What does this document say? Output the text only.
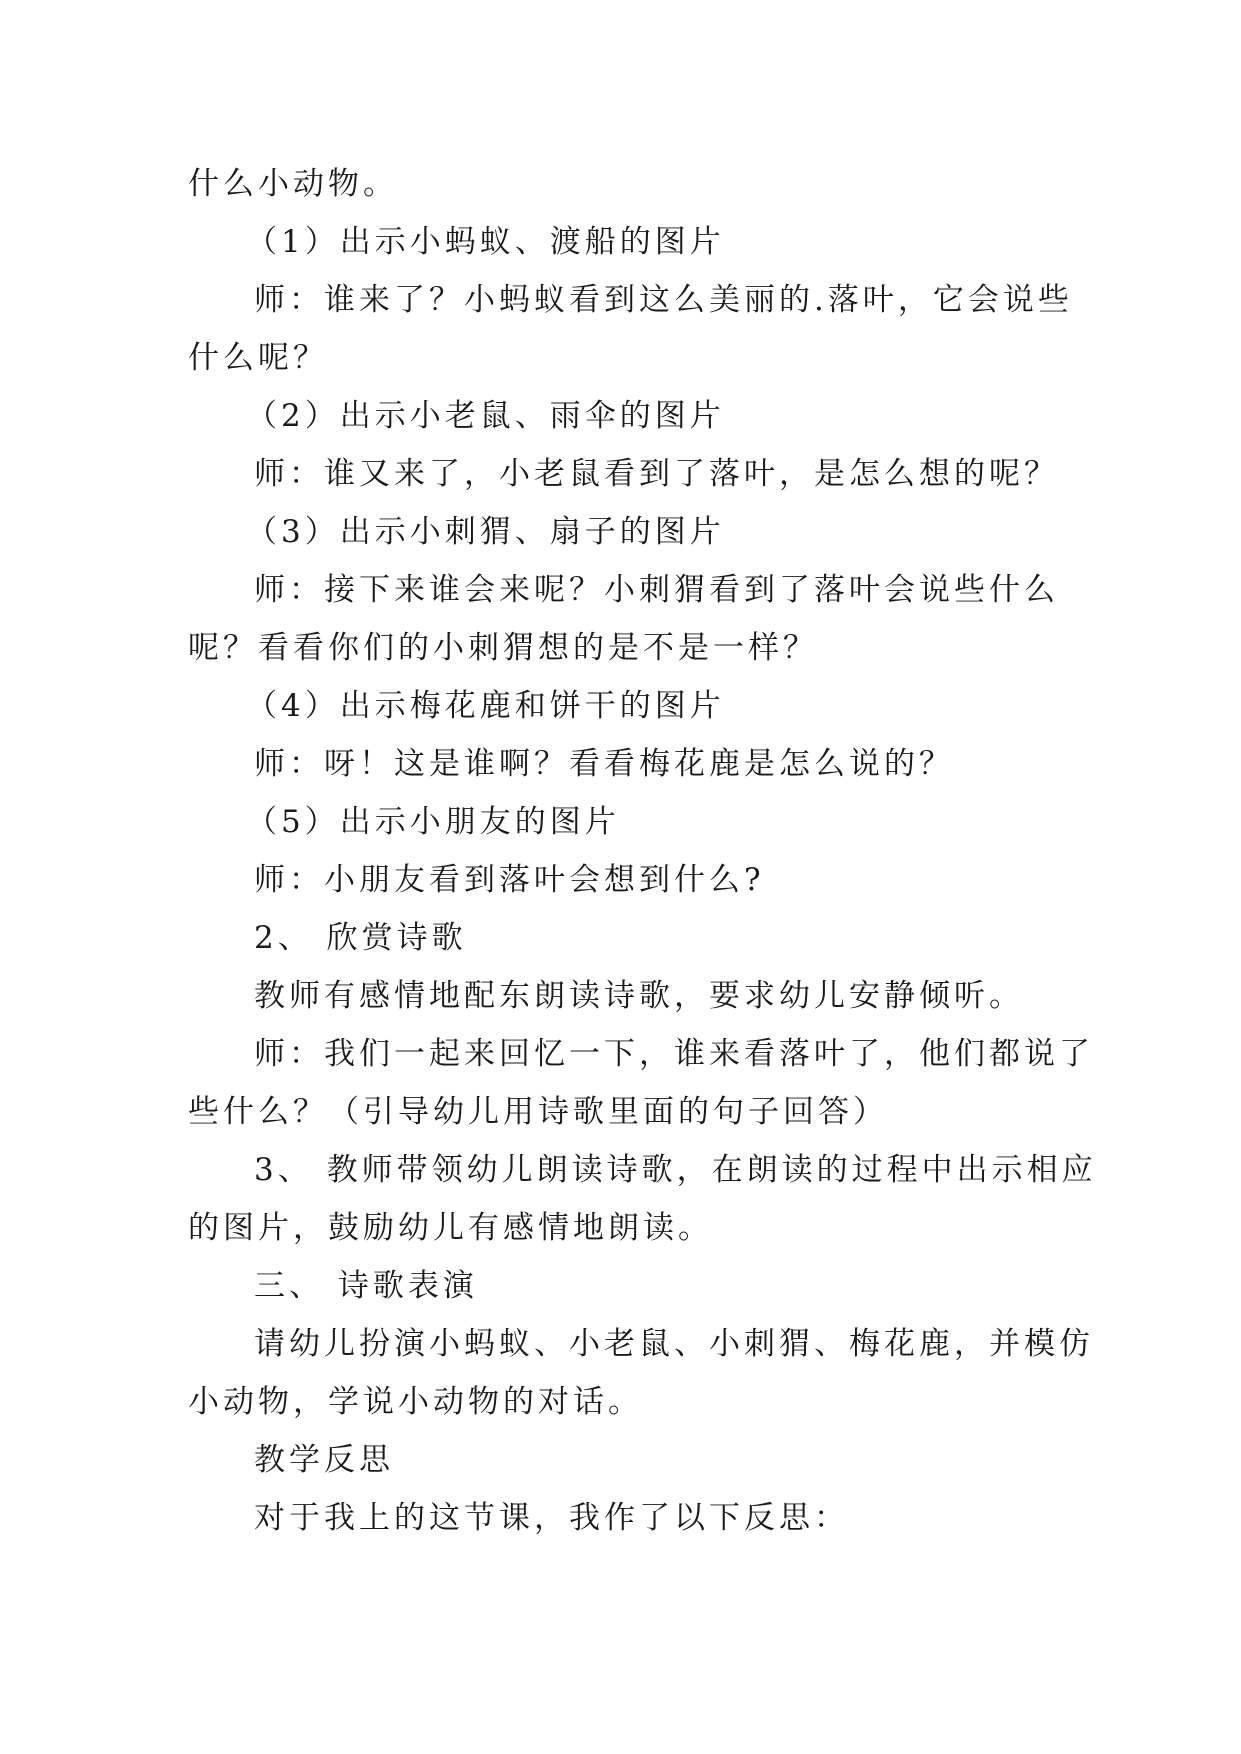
什么小动物。
（1）出示小蚂蚁、渡船的图片
师：谁来了？小蚂蚁看到这么美丽的.落叶，它会说些
什么呢？
（2）出示小老鼠、雨伞的图片
师：谁又来了，小老鼠看到了落叶，是怎么想的呢？
（3）出示小刺猬、扇子的图片
师：接下来谁会来呢？小刺猬看到了落叶会说些什么
呢？看看你们的小刺猬想的是不是一样？
（4）出示梅花鹿和饼干的图片
师：呀！这是谁啊？看看梅花鹿是怎么说的？
（5）出示小朋友的图片
师：小朋友看到落叶会想到什么?
2、 欣赏诗歌
教师有感情地配东朗读诗歌，要求幼儿安静倾听。
师：我们一起来回忆一下，谁来看落叶了，他们都说了
些什么？（引导幼儿用诗歌里面的句子回答）
3、 教师带领幼儿朗读诗歌，在朗读的过程中出示相应
的图片，鼓励幼儿有感情地朗读。
三、 诗歌表演
请幼儿扮演小蚂蚁、小老鼠、小刺猬、梅花鹿，并模仿
小动物，学说小动物的对话。
教学反思
对于我上的这节课，我作了以下反思：
